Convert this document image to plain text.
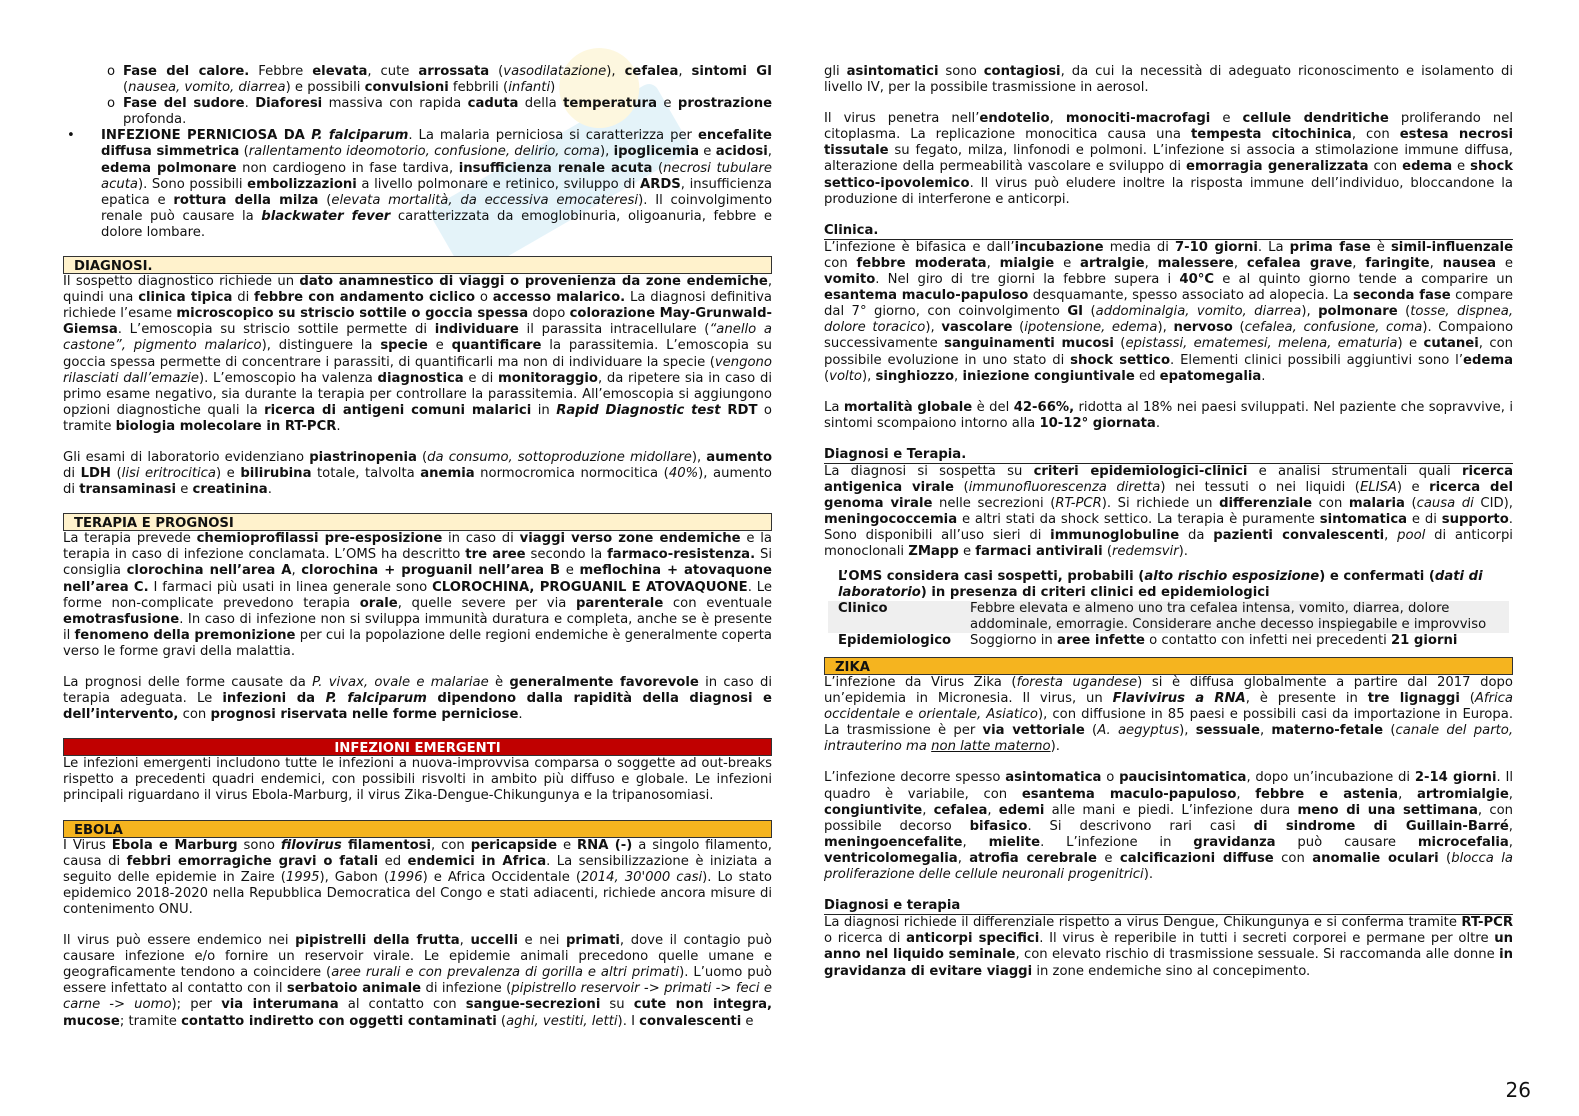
o Fase del calore. Febbre elevata, cute arrossata (vasodilatazione), cefalea, sintomi GI (nausea, vomito, diarrea) e possibili convulsioni febbrili (infanti)

o Fase del sudore. Diaforesi massiva con rapida caduta della temperatura e prostrazione profonda.

• INFEZIONE PERNICIOSA DA P. falciparum. La malaria perniciosa si caratterizza per encefalite diffusa simmetrica (rallentamento ideomotorio, confusione, delirio, coma), ipoglicemia e acidosi, edema polmonare non cardiogeno in fase tardiva, insufficienza renale acuta (necrosi tubulare acuta). Sono possibili embolizzazioni a livello polmonare e retinico, sviluppo di ARDS, insufficienza epatica e rottura della milza (elevata mortalità, da eccessiva emocateresi). Il coinvolgimento renale può causare la blackwater fever caratterizzata da emoglobinuria, oligoanuria, febbre e dolore lombare.

DIAGNOSI.

Il sospetto diagnostico richiede un dato anamnestico di viaggi o provenienza da zone endemiche, quindi una clinica tipica di febbre con andamento ciclico o accesso malarico. La diagnosi definitiva richiede l’esame microscopico su striscio sottile o goccia spessa dopo colorazione May-Grunwald-Giemsa. L’emoscopia su striscio sottile permette di individuare il parassita intracellulare (“anello a castone”, pigmento malarico), distinguere la specie e quantificare la parassitemia. L’emoscopia su goccia spessa permette di concentrare i parassiti, di quantificarli ma non di individuare la specie (vengono rilasciati dall’emazie). L’emoscopio ha valenza diagnostica e di monitoraggio, da ripetere sia in caso di primo esame negativo, sia durante la terapia per controllare la parassitemia. All’emoscopia si aggiungono opzioni diagnostiche quali la ricerca di antigeni comuni malarici in Rapid Diagnostic test RDT o tramite biologia molecolare in RT-PCR.

Gli esami di laboratorio evidenziano piastrinopenia (da consumo, sottoproduzione midollare), aumento di LDH (lisi eritrocitica) e bilirubina totale, talvolta anemia normocromica normocitica (40%), aumento di transaminasi e creatinina.

TERAPIA E PROGNOSI

La terapia prevede chemioprofilassi pre-esposizione in caso di viaggi verso zone endemiche e la terapia in caso di infezione conclamata. L’OMS ha descritto tre aree secondo la farmaco-resistenza. Si consiglia clorochina nell’area A, clorochina + proguanil nell’area B e meflochina + atovaquone nell’area C. I farmaci più usati in linea generale sono CLOROCHINA, PROGUANIL E ATOVAQUONE. Le forme non-complicate prevedono terapia orale, quelle severe per via parenterale con eventuale emotrasfusione. In caso di infezione non si sviluppa immunità duratura e completa, anche se è presente il fenomeno della premonizione per cui la popolazione delle regioni endemiche è generalmente coperta verso le forme gravi della malattia.

La prognosi delle forme causate da P. vivax, ovale e malariae è generalmente favorevole in caso di terapia adeguata. Le infezioni da P. falciparum dipendono dalla rapidità della diagnosi e dell’intervento, con prognosi riservata nelle forme perniciose.

INFEZIONI EMERGENTI

Le infezioni emergenti includono tutte le infezioni a nuova-improvvisa comparsa o soggette ad out-breaks rispetto a precedenti quadri endemici, con possibili risvolti in ambito più diffuso e globale. Le infezioni principali riguardano il virus Ebola-Marburg, il virus Zika-Dengue-Chikungunya e la tripanosomiasi.

EBOLA

I Virus Ebola e Marburg sono filovirus filamentosi, con pericapside e RNA (-) a singolo filamento, causa di febbri emorragiche gravi o fatali ed endemici in Africa. La sensibilizzazione è iniziata a seguito delle epidemie in Zaire (1995), Gabon (1996) e Africa Occidentale (2014, 30'000 casi). Lo stato epidemico 2018-2020 nella Repubblica Democratica del Congo e stati adiacenti, richiede ancora misure di contenimento ONU.

Il virus può essere endemico nei pipistrelli della frutta, uccelli e nei primati, dove il contagio può causare infezione e/o fornire un reservoir virale. Le epidemie animali precedono quelle umane e geograficamente tendono a coincidere (aree rurali e con prevalenza di gorilla e altri primati). L’uomo può essere infettato al contatto con il serbatoio animale di infezione (pipistrello reservoir -> primati -> feci e carne -> uomo); per via interumana al contatto con sangue-secrezioni su cute non integra, mucose; tramite contatto indiretto con oggetti contaminati (aghi, vestiti, letti). I convalescenti e

gli asintomatici sono contagiosi, da cui la necessità di adeguato riconoscimento e isolamento di livello IV, per la possibile trasmissione in aerosol.

Il virus penetra nell’endotelio, monociti-macrofagi e cellule dendritiche proliferando nel citoplasma. La replicazione monocitica causa una tempesta citochinica, con estesa necrosi tissutale su fegato, milza, linfonodi e polmoni. L’infezione si associa a stimolazione immune diffusa, alterazione della permeabilità vascolare e sviluppo di emorragia generalizzata con edema e shock settico-ipovolemico. Il virus può eludere inoltre la risposta immune dell’individuo, bloccandone la produzione di interferone e anticorpi.

Clinica.

L’infezione è bifasica e dall’incubazione media di 7-10 giorni. La prima fase è simil-influenzale con febbre moderata, mialgie e artralgie, malessere, cefalea grave, faringite, nausea e vomito. Nel giro di tre giorni la febbre supera i 40°C e al quinto giorno tende a comparire un esantema maculo-papuloso desquamante, spesso associato ad alopecia. La seconda fase compare dal 7° giorno, con coinvolgimento GI (addominalgia, vomito, diarrea), polmonare (tosse, dispnea, dolore toracico), vascolare (ipotensione, edema), nervoso (cefalea, confusione, coma). Compaiono successivamente sanguinamenti mucosi (epistassi, ematemesi, melena, ematuria) e cutanei, con possibile evoluzione in uno stato di shock settico. Elementi clinici possibili aggiuntivi sono l’edema (volto), singhiozzo, iniezione congiuntivale ed epatomegalia.

La mortalità globale è del 42-66%, ridotta al 18% nei paesi sviluppati. Nel paziente che sopravvive, i sintomi scompaiono intorno alla 10-12° giornata.

Diagnosi e Terapia.

La diagnosi si sospetta su criteri epidemiologici-clinici e analisi strumentali quali ricerca antigenica virale (immunofluorescenza diretta) nei tessuti o nei liquidi (ELISA) e ricerca del genoma virale nelle secrezioni (RT-PCR). Si richiede un differenziale con malaria (causa di CID), meningococcemia e altri stati da shock settico. La terapia è puramente sintomatica e di supporto. Sono disponibili all’uso sieri di immunoglobuline da pazienti convalescenti, pool di anticorpi monoclonali ZMapp e farmaci antivirali (redemsvir).

L’OMS considera casi sospetti, probabili (alto rischio esposizione) e confermati (dati di laboratorio) in presenza di criteri clinici ed epidemiologici
Clinico	Febbre elevata e almeno uno tra cefalea intensa, vomito, diarrea, dolore addominale, emorragie. Considerare anche decesso inspiegabile e improvviso
Epidemiologico	Soggiorno in aree infette o contatto con infetti nei precedenti 21 giorni
ZIKA

L’infezione da Virus Zika (foresta ugandese) si è diffusa globalmente a partire dal 2017 dopo un’epidemia in Micronesia. Il virus, un Flavivirus a RNA, è presente in tre lignaggi (Africa occidentale e orientale, Asiatico), con diffusione in 85 paesi e possibili casi da importazione in Europa. La trasmissione è per via vettoriale (A. aegyptus), sessuale, materno-fetale (canale del parto, intrauterino ma non latte materno).

L’infezione decorre spesso asintomatica o paucisintomatica, dopo un’incubazione di 2-14 giorni. Il quadro è variabile, con esantema maculo-papuloso, febbre e astenia, artromialgie, congiuntivite, cefalea, edemi alle mani e piedi. L’infezione dura meno di una settimana, con possibile decorso bifasico. Si descrivono rari casi di sindrome di Guillain-Barré, meningoencefalite, mielite. L’infezione in gravidanza può causare microcefalia, ventricolomegalia, atrofia cerebrale e calcificazioni diffuse con anomalie oculari (blocca la proliferazione delle cellule neuronali progenitrici).

Diagnosi e terapia

La diagnosi richiede il differenziale rispetto a virus Dengue, Chikungunya e si conferma tramite RT-PCR o ricerca di anticorpi specifici. Il virus è reperibile in tutti i secreti corporei e permane per oltre un anno nel liquido seminale, con elevato rischio di trasmissione sessuale. Si raccomanda alle donne in gravidanza di evitare viaggi in zone endemiche sino al concepimento.

26
